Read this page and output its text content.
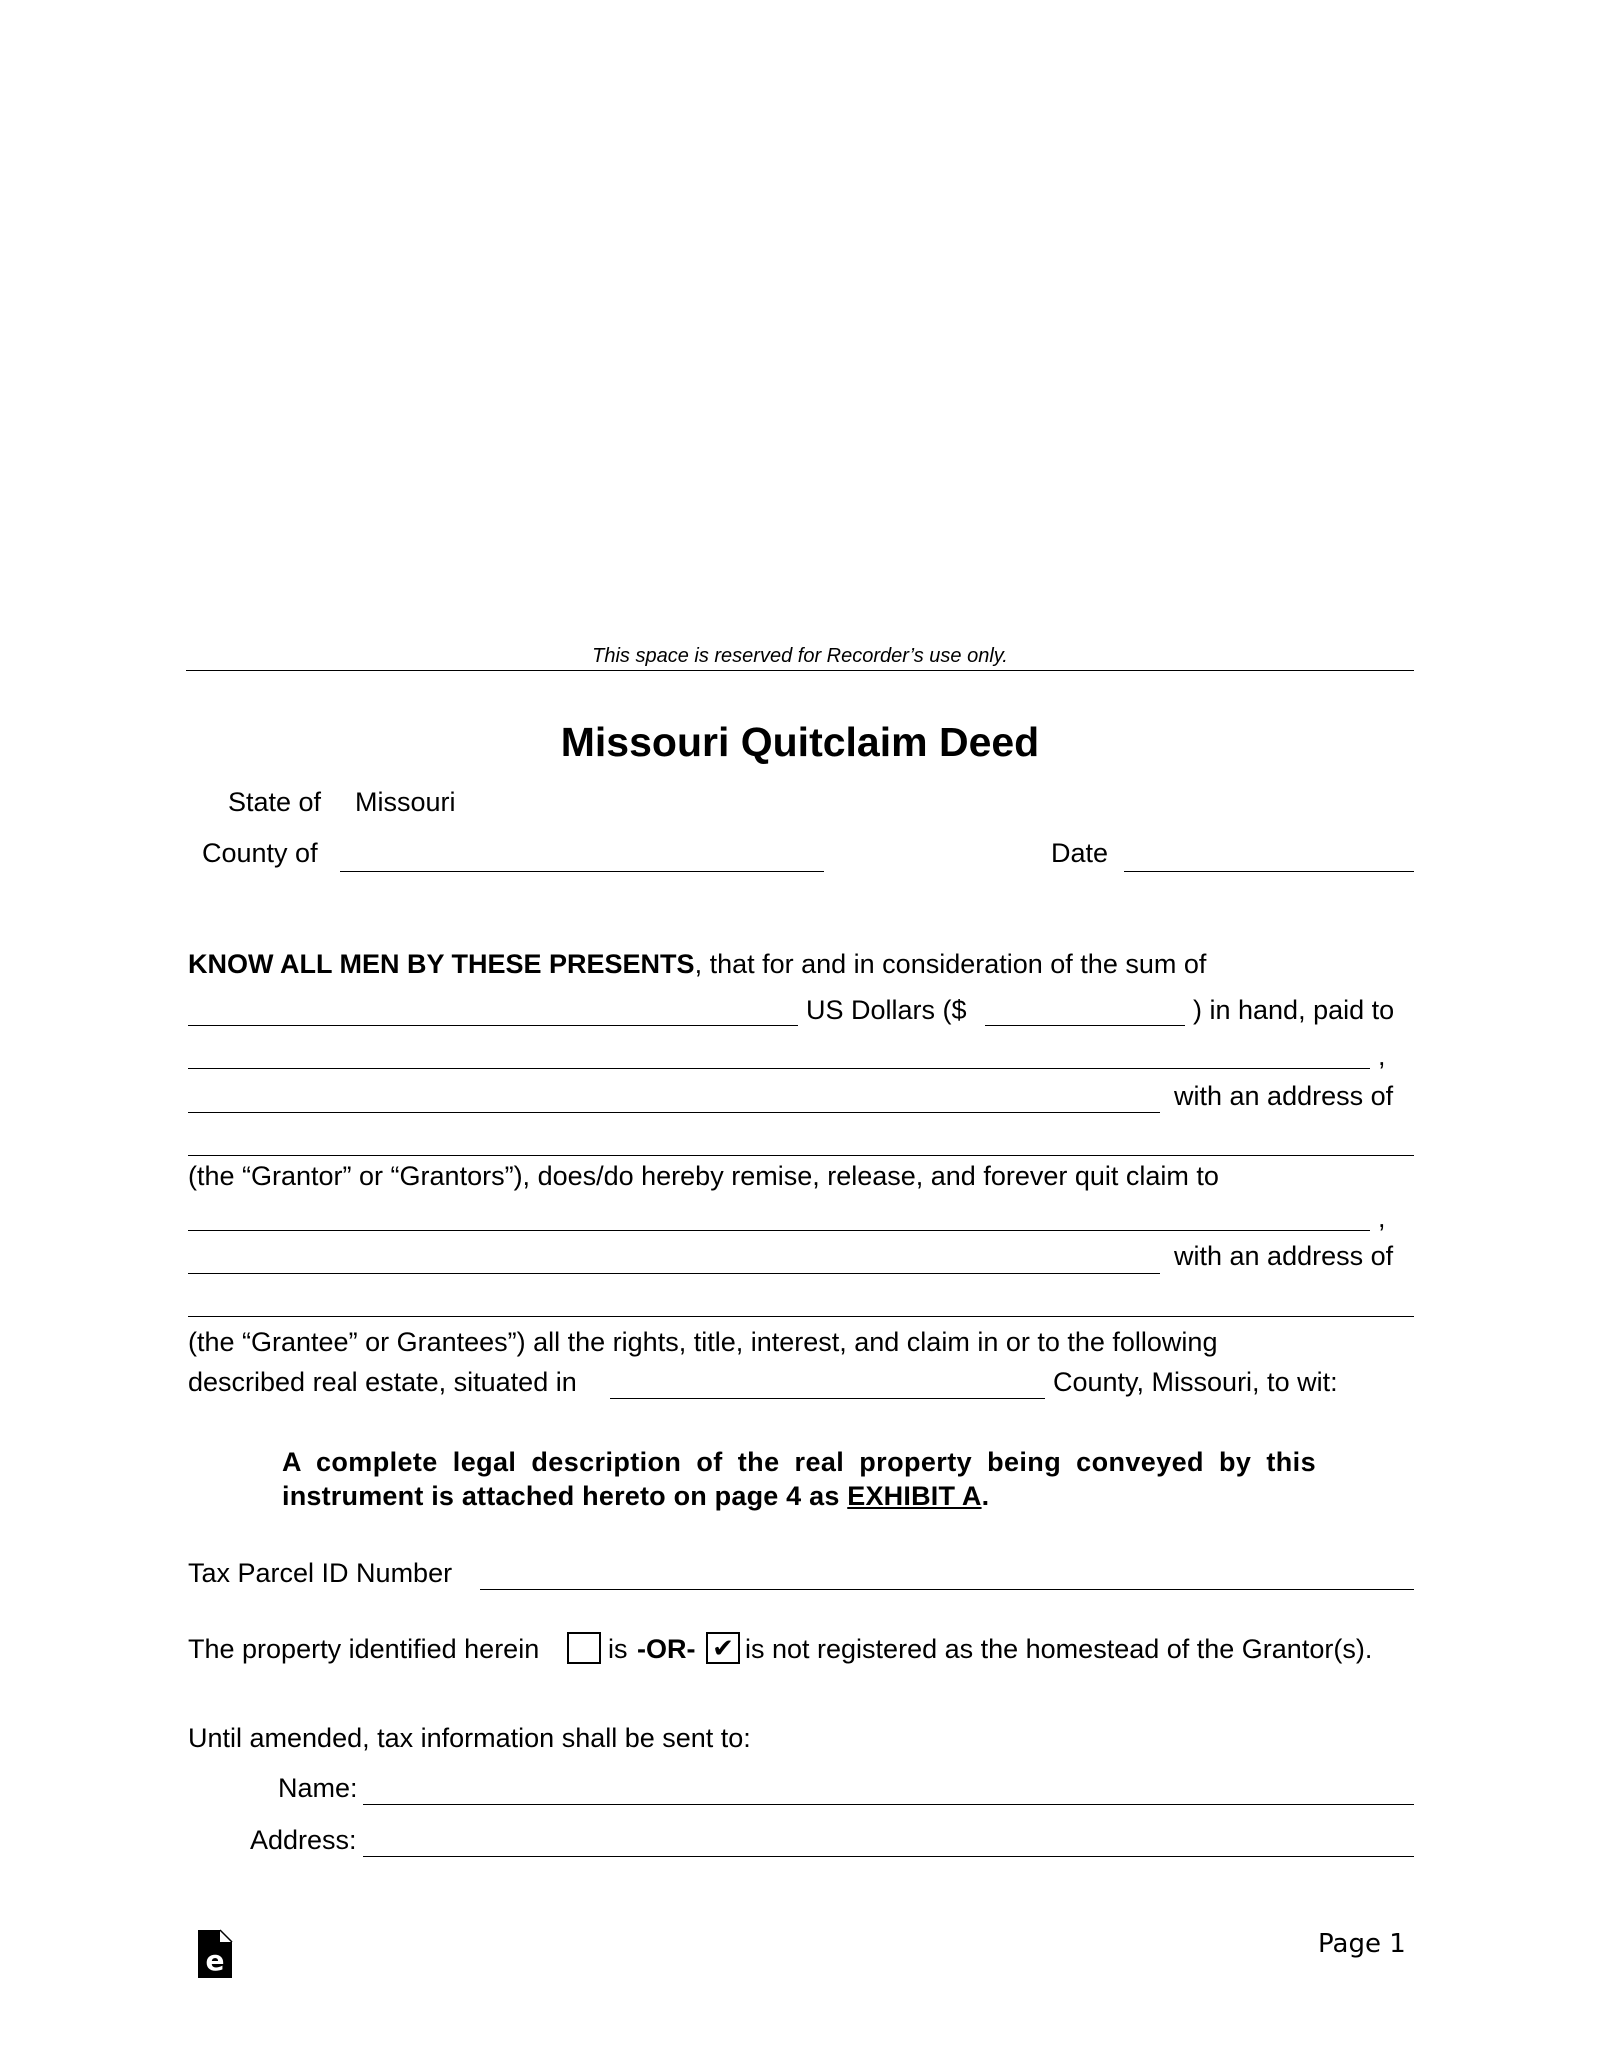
This space is reserved for Recorder’s use only.
Missouri Quitclaim Deed
State of Missouri
County of	Date
KNOW ALL MEN BY THESE PRESENTS, that for and in consideration of the sum of
US Dollars ($	) in hand, paid to
,
with an address of
(the “Grantor” or “Grantors”), does/do hereby remise, release, and forever quit claim to
,
with an address of
(the “Grantee” or Grantees”) all the rights, title, interest, and claim in or to the following
described real estate, situated in	County, Missouri, to wit:
A complete legal description of the real property being conveyed by this
instrument is attached hereto on page 4 as EXHIBIT A.
Tax Parcel ID Number
The property identified herein	is -OR- ✔ is not registered as the homestead of the Grantor(s).
Until amended, tax information shall be sent to:
Name:
Address:
e	Page 1
